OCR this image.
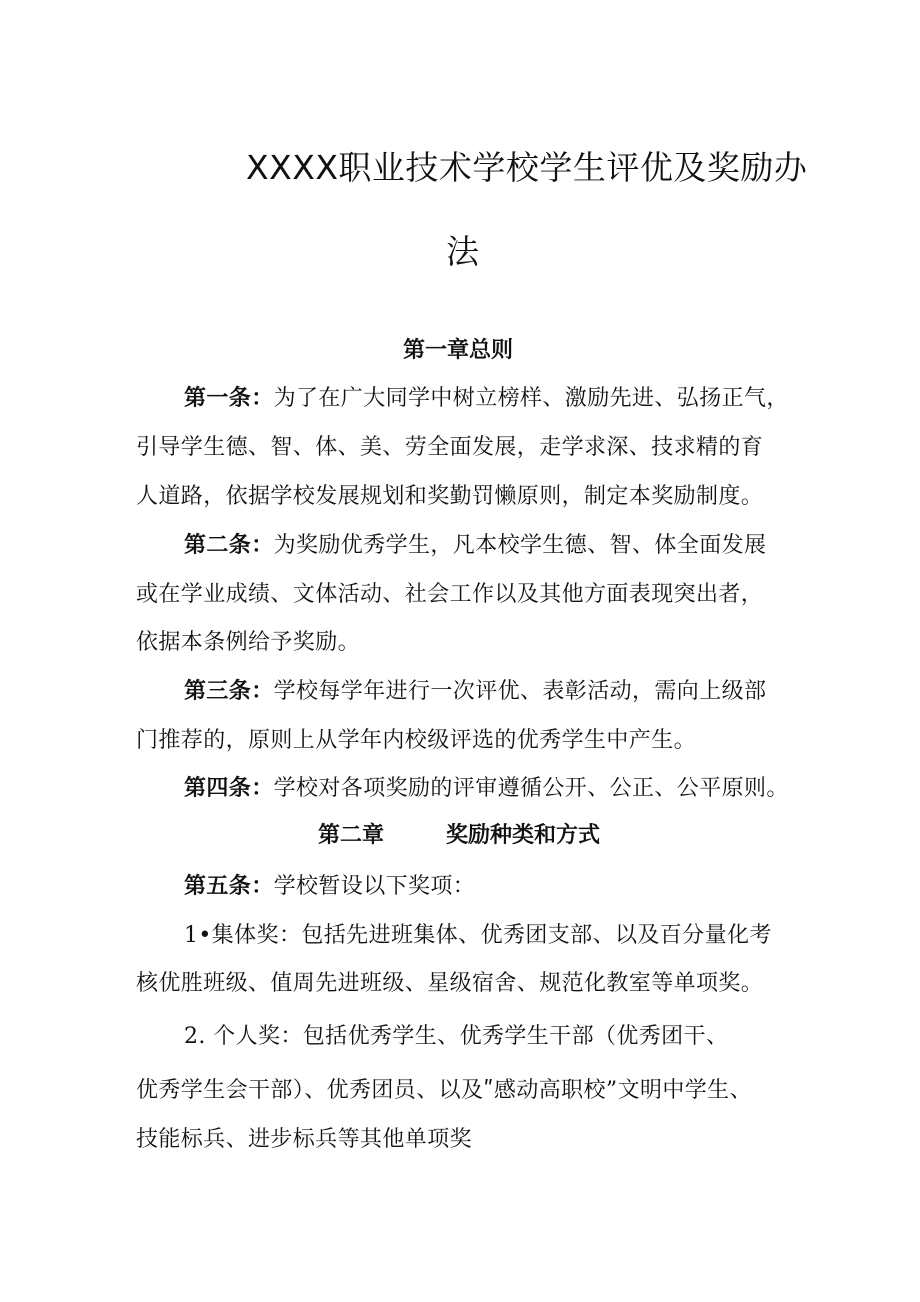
XXXX职业技术学校学生评优及奖励办
法
第一章总则
第一条：为了在广大同学中树立榜样、激励先进、弘扬正气，
引导学生德、智、体、美、劳全面发展，走学求深、技求精的育
人道路，依据学校发展规划和奖勤罚懒原则，制定本奖励制度。
第二条：为奖励优秀学生，凡本校学生德、智、体全面发展
或在学业成绩、文体活动、社会工作以及其他方面表现突出者，
依据本条例给予奖励。
第三条：学校每学年进行一次评优、表彰活动，需向上级部
门推荐的，原则上从学年内校级评选的优秀学生中产生。
第四条：学校对各项奖励的评审遵循公开、公正、公平原则。
第二章	奖励种类和方式
第五条：学校暂设以下奖项：
1•集体奖：包括先进班集体、优秀团支部、以及百分量化考
核优胜班级、值周先进班级、星级宿舍、规范化教室等单项奖。
2. 个人奖：包括优秀学生、优秀学生干部（优秀团干、
优秀学生会干部）、优秀团员、以及ʺ感动高职校”文明中学生、
技能标兵、进步标兵等其他单项奖
